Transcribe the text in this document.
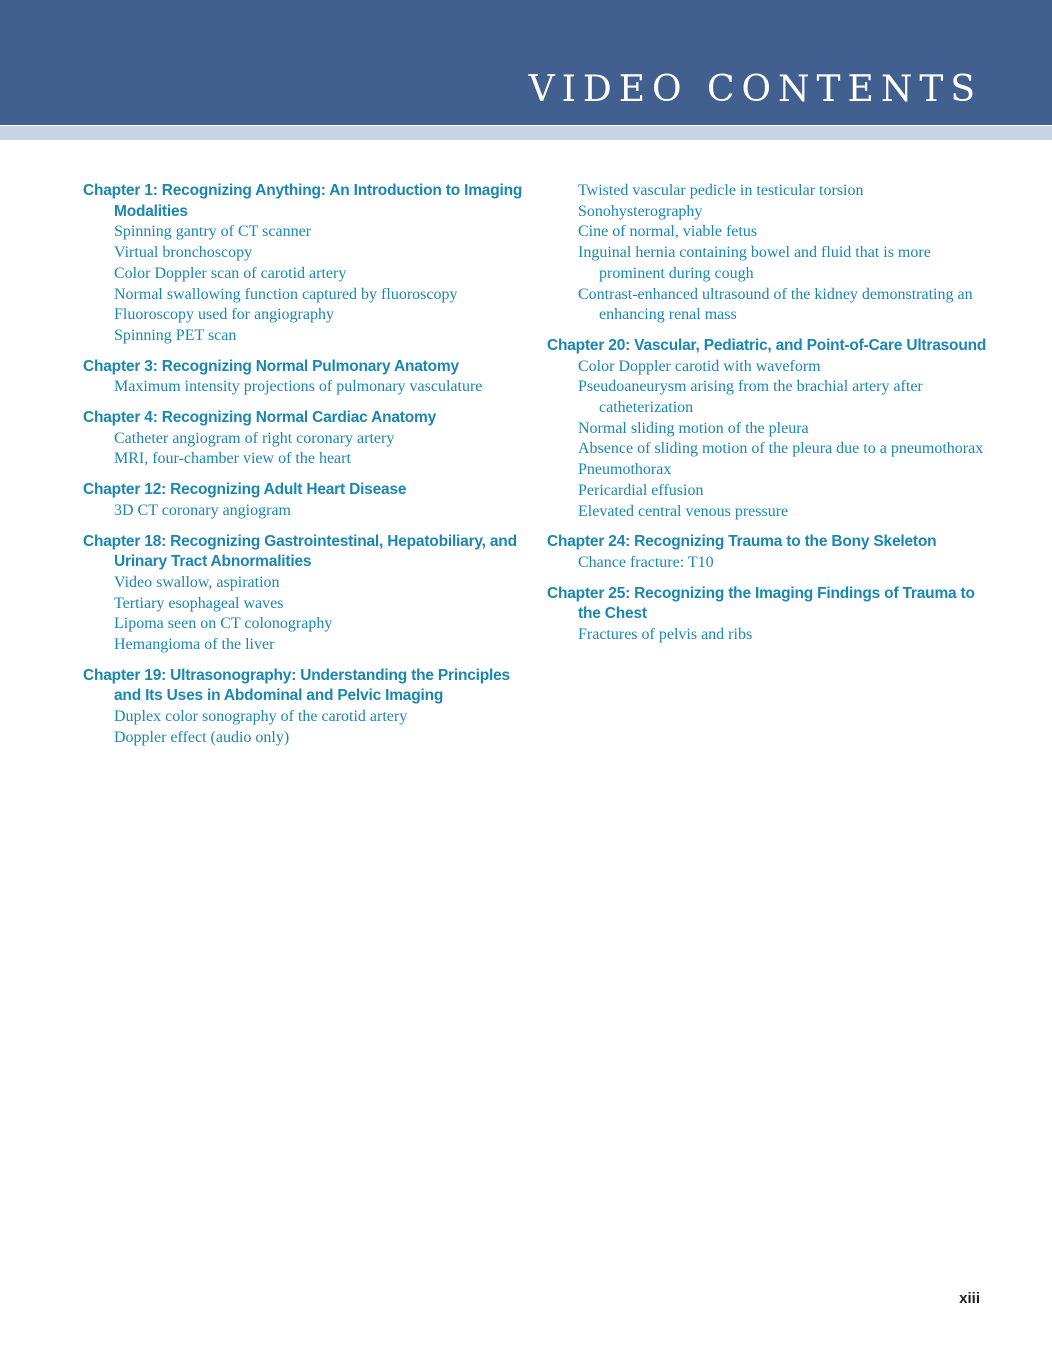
VIDEO CONTENTS
Chapter 1: Recognizing Anything: An Introduction to Imaging Modalities
Spinning gantry of CT scanner
Virtual bronchoscopy
Color Doppler scan of carotid artery
Normal swallowing function captured by fluoroscopy
Fluoroscopy used for angiography
Spinning PET scan
Chapter 3: Recognizing Normal Pulmonary Anatomy
Maximum intensity projections of pulmonary vasculature
Chapter 4: Recognizing Normal Cardiac Anatomy
Catheter angiogram of right coronary artery
MRI, four-chamber view of the heart
Chapter 12: Recognizing Adult Heart Disease
3D CT coronary angiogram
Chapter 18: Recognizing Gastrointestinal, Hepatobiliary, and Urinary Tract Abnormalities
Video swallow, aspiration
Tertiary esophageal waves
Lipoma seen on CT colonography
Hemangioma of the liver
Chapter 19: Ultrasonography: Understanding the Principles and Its Uses in Abdominal and Pelvic Imaging
Duplex color sonography of the carotid artery
Doppler effect (audio only)
Twisted vascular pedicle in testicular torsion
Sonohysterography
Cine of normal, viable fetus
Inguinal hernia containing bowel and fluid that is more prominent during cough
Contrast-enhanced ultrasound of the kidney demonstrating an enhancing renal mass
Chapter 20: Vascular, Pediatric, and Point-of-Care Ultrasound
Color Doppler carotid with waveform
Pseudoaneurysm arising from the brachial artery after catheterization
Normal sliding motion of the pleura
Absence of sliding motion of the pleura due to a pneumothorax
Pneumothorax
Pericardial effusion
Elevated central venous pressure
Chapter 24: Recognizing Trauma to the Bony Skeleton
Chance fracture: T10
Chapter 25: Recognizing the Imaging Findings of Trauma to the Chest
Fractures of pelvis and ribs

xiii
